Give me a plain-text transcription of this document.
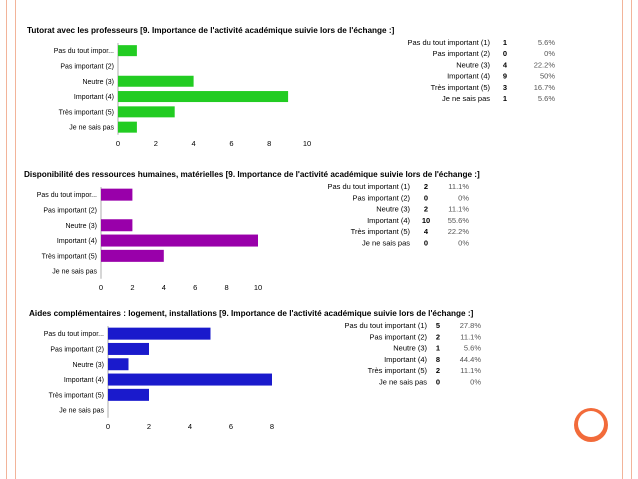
Tutorat avec les professeurs [9. Importance de l'activité académique suivie lors de l'échange :]
Pas du tout impor...
Pas important (2)
Neutre (3)
Important (4)
Très important (5)
Je ne sais pas
0	2	4	6	8	10
Pas du tout important (1) 1	5.6%
Pas important (2) 0	0%
Neutre (3) 4	22.2%
Important (4) 9	50%
Très important (5) 3	16.7%
Je ne sais pas 1	5.6%
Disponibilité des ressources humaines, matérielles [9. Importance de l'activité académique suivie lors de l'échange :]
Pas du tout impor...
Pas important (2)
Neutre (3)
Important (4)
Très important (5)
Je ne sais pas
0	2	4	6	8	10
Pas du tout important (1) 2	11.1%
Pas important (2) 0	0%
Neutre (3) 2	11.1%
Important (4) 10 55.6%
Très important (5) 4	22.2%
Je ne sais pas 0	0%
Aides complémentaires : logement, installations [9. Importance de l'activité académique suivie lors de l'échange :]
Pas du tout impor...
Pas important (2)
Neutre (3)
Important (4)
Très important (5)
Je ne sais pas
0	2	4	6	8
Pas du tout important (1) 5	27.8%
Pas important (2) 2	11.1%
Neutre (3) 1	5.6%
Important (4) 8	44.4%
Très important (5) 2	11.1%
Je ne sais pas 0	0%
